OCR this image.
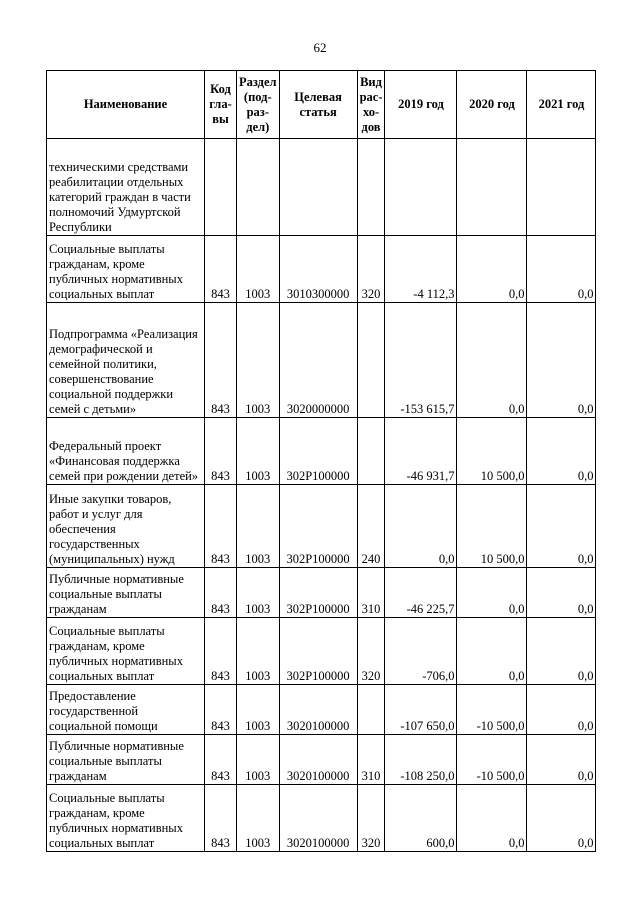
62
Наименование	Код гла- вы	Раздел (под- раз- дел)	Целевая статья	Вид рас- хо- дов	2019 год	2020 год	2021 год
техническими средствами реабилитации отдельных категорий граждан в части полномочий Удмуртской Республики							
Социальные выплаты гражданам, кроме публичных нормативных социальных выплат	843	1003	3010300000	320	-4 112,3	0,0	0,0
Подпрограмма «Реализация демографической и семейной политики, совершенствование социальной поддержки семей с детьми»	843	1003	3020000000		-153 615,7	0,0	0,0
Федеральный проект «Финансовая поддержка семей при рождении детей»	843	1003	302P100000		-46 931,7	10 500,0	0,0
Иные закупки товаров, работ и услуг для обеспечения государственных (муниципальных) нужд	843	1003	302P100000	240	0,0	10 500,0	0,0
Публичные нормативные социальные выплаты гражданам	843	1003	302P100000	310	-46 225,7	0,0	0,0
Социальные выплаты гражданам, кроме публичных нормативных социальных выплат	843	1003	302P100000	320	-706,0	0,0	0,0
Предоставление государственной социальной помощи	843	1003	3020100000		-107 650,0	-10 500,0	0,0
Публичные нормативные социальные выплаты гражданам	843	1003	3020100000	310	-108 250,0	-10 500,0	0,0
Социальные выплаты гражданам, кроме публичных нормативных социальных выплат	843	1003	3020100000	320	600,0	0,0	0,0
